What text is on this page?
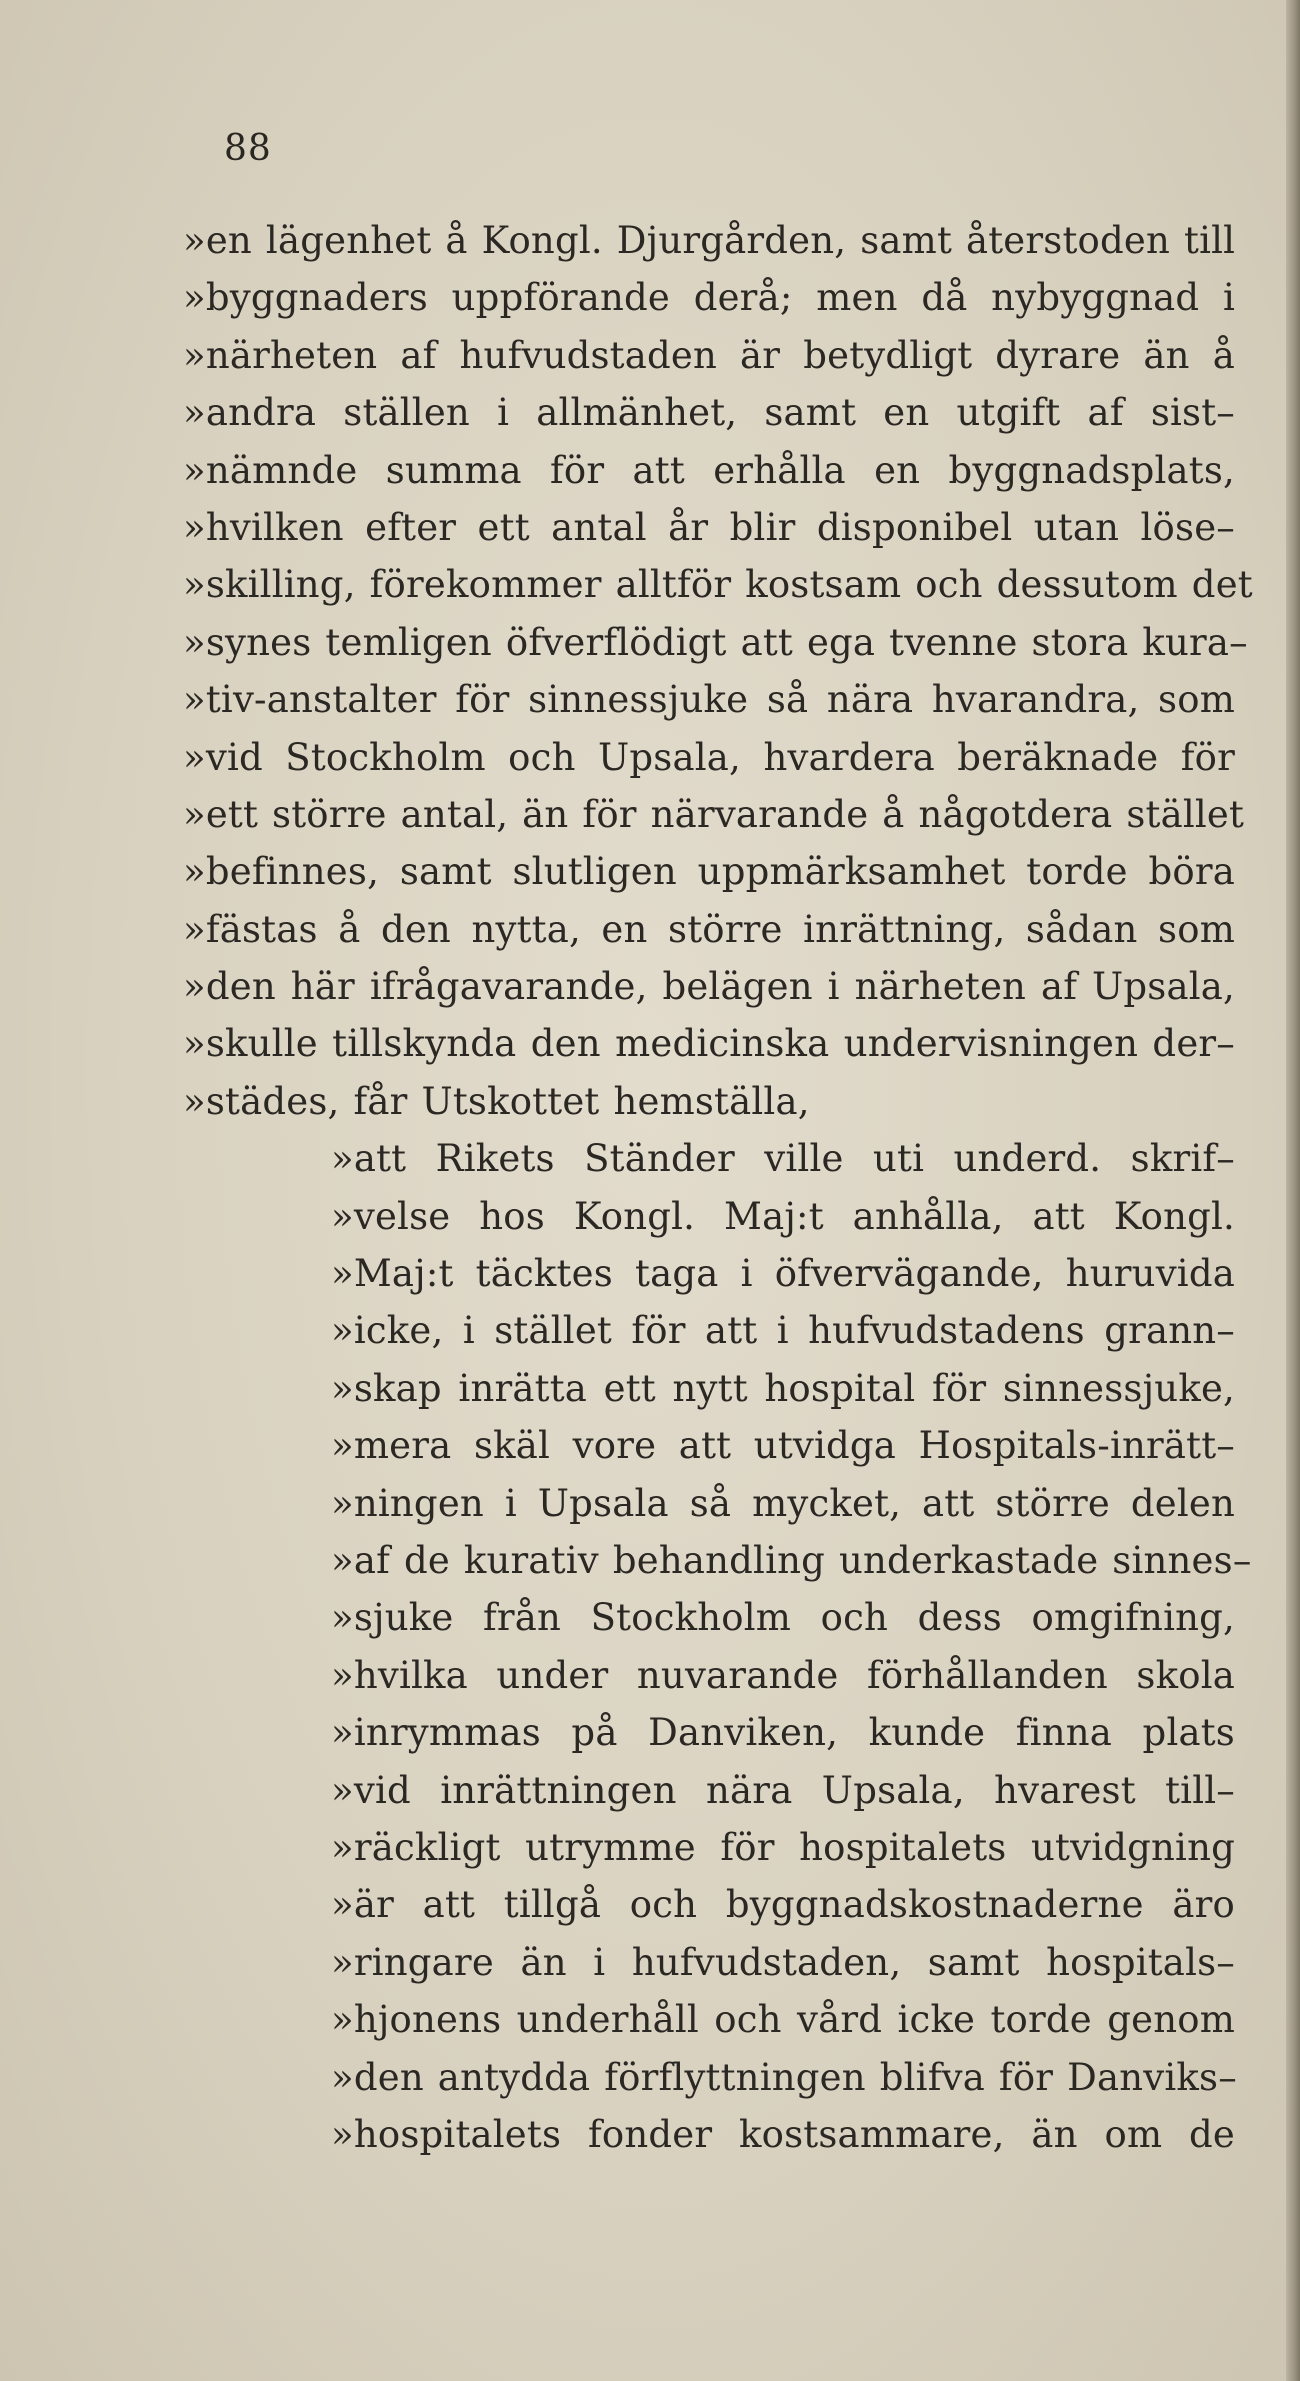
88
»en lägenhet å Kongl. Djurgården, samt återstoden till
»byggnaders uppförande derå; men då nybyggnad i
»närheten af hufvudstaden är betydligt dyrare än å
»andra ställen i allmänhet, samt en utgift af sist–
»nämnde summa för att erhålla en byggnadsplats,
»hvilken efter ett antal år blir disponibel utan löse–
»skilling, förekommer alltför kostsam och dessutom det
»synes temligen öfverflödigt att ega tvenne stora kura–
»tiv-anstalter för sinnessjuke så nära hvarandra, som
»vid Stockholm och Upsala, hvardera beräknade för
»ett större antal, än för närvarande å någotdera stället
»befinnes, samt slutligen uppmärksamhet torde böra
»fästas å den nytta, en större inrättning, sådan som
»den här ifrågavarande, belägen i närheten af Upsala,
»skulle tillskynda den medicinska undervisningen der–
»städes, får Utskottet hemställa,
»att Rikets Ständer ville uti underd. skrif–
»velse hos Kongl. Maj:t anhålla, att Kongl.
»Maj:t täcktes taga i öfvervägande, huruvida
»icke, i stället för att i hufvudstadens grann–
»skap inrätta ett nytt hospital för sinnessjuke,
»mera skäl vore att utvidga Hospitals-inrätt–
»ningen i Upsala så mycket, att större delen
»af de kurativ behandling underkastade sinnes–
»sjuke från Stockholm och dess omgifning,
»hvilka under nuvarande förhållanden skola
»inrymmas på Danviken, kunde finna plats
»vid inrättningen nära Upsala, hvarest till–
»räckligt utrymme för hospitalets utvidgning
»är att tillgå och byggnadskostnaderne äro
»ringare än i hufvudstaden, samt hospitals–
»hjonens underhåll och vård icke torde genom
»den antydda förflyttningen blifva för Danviks–
»hospitalets fonder kostsammare, än om de
